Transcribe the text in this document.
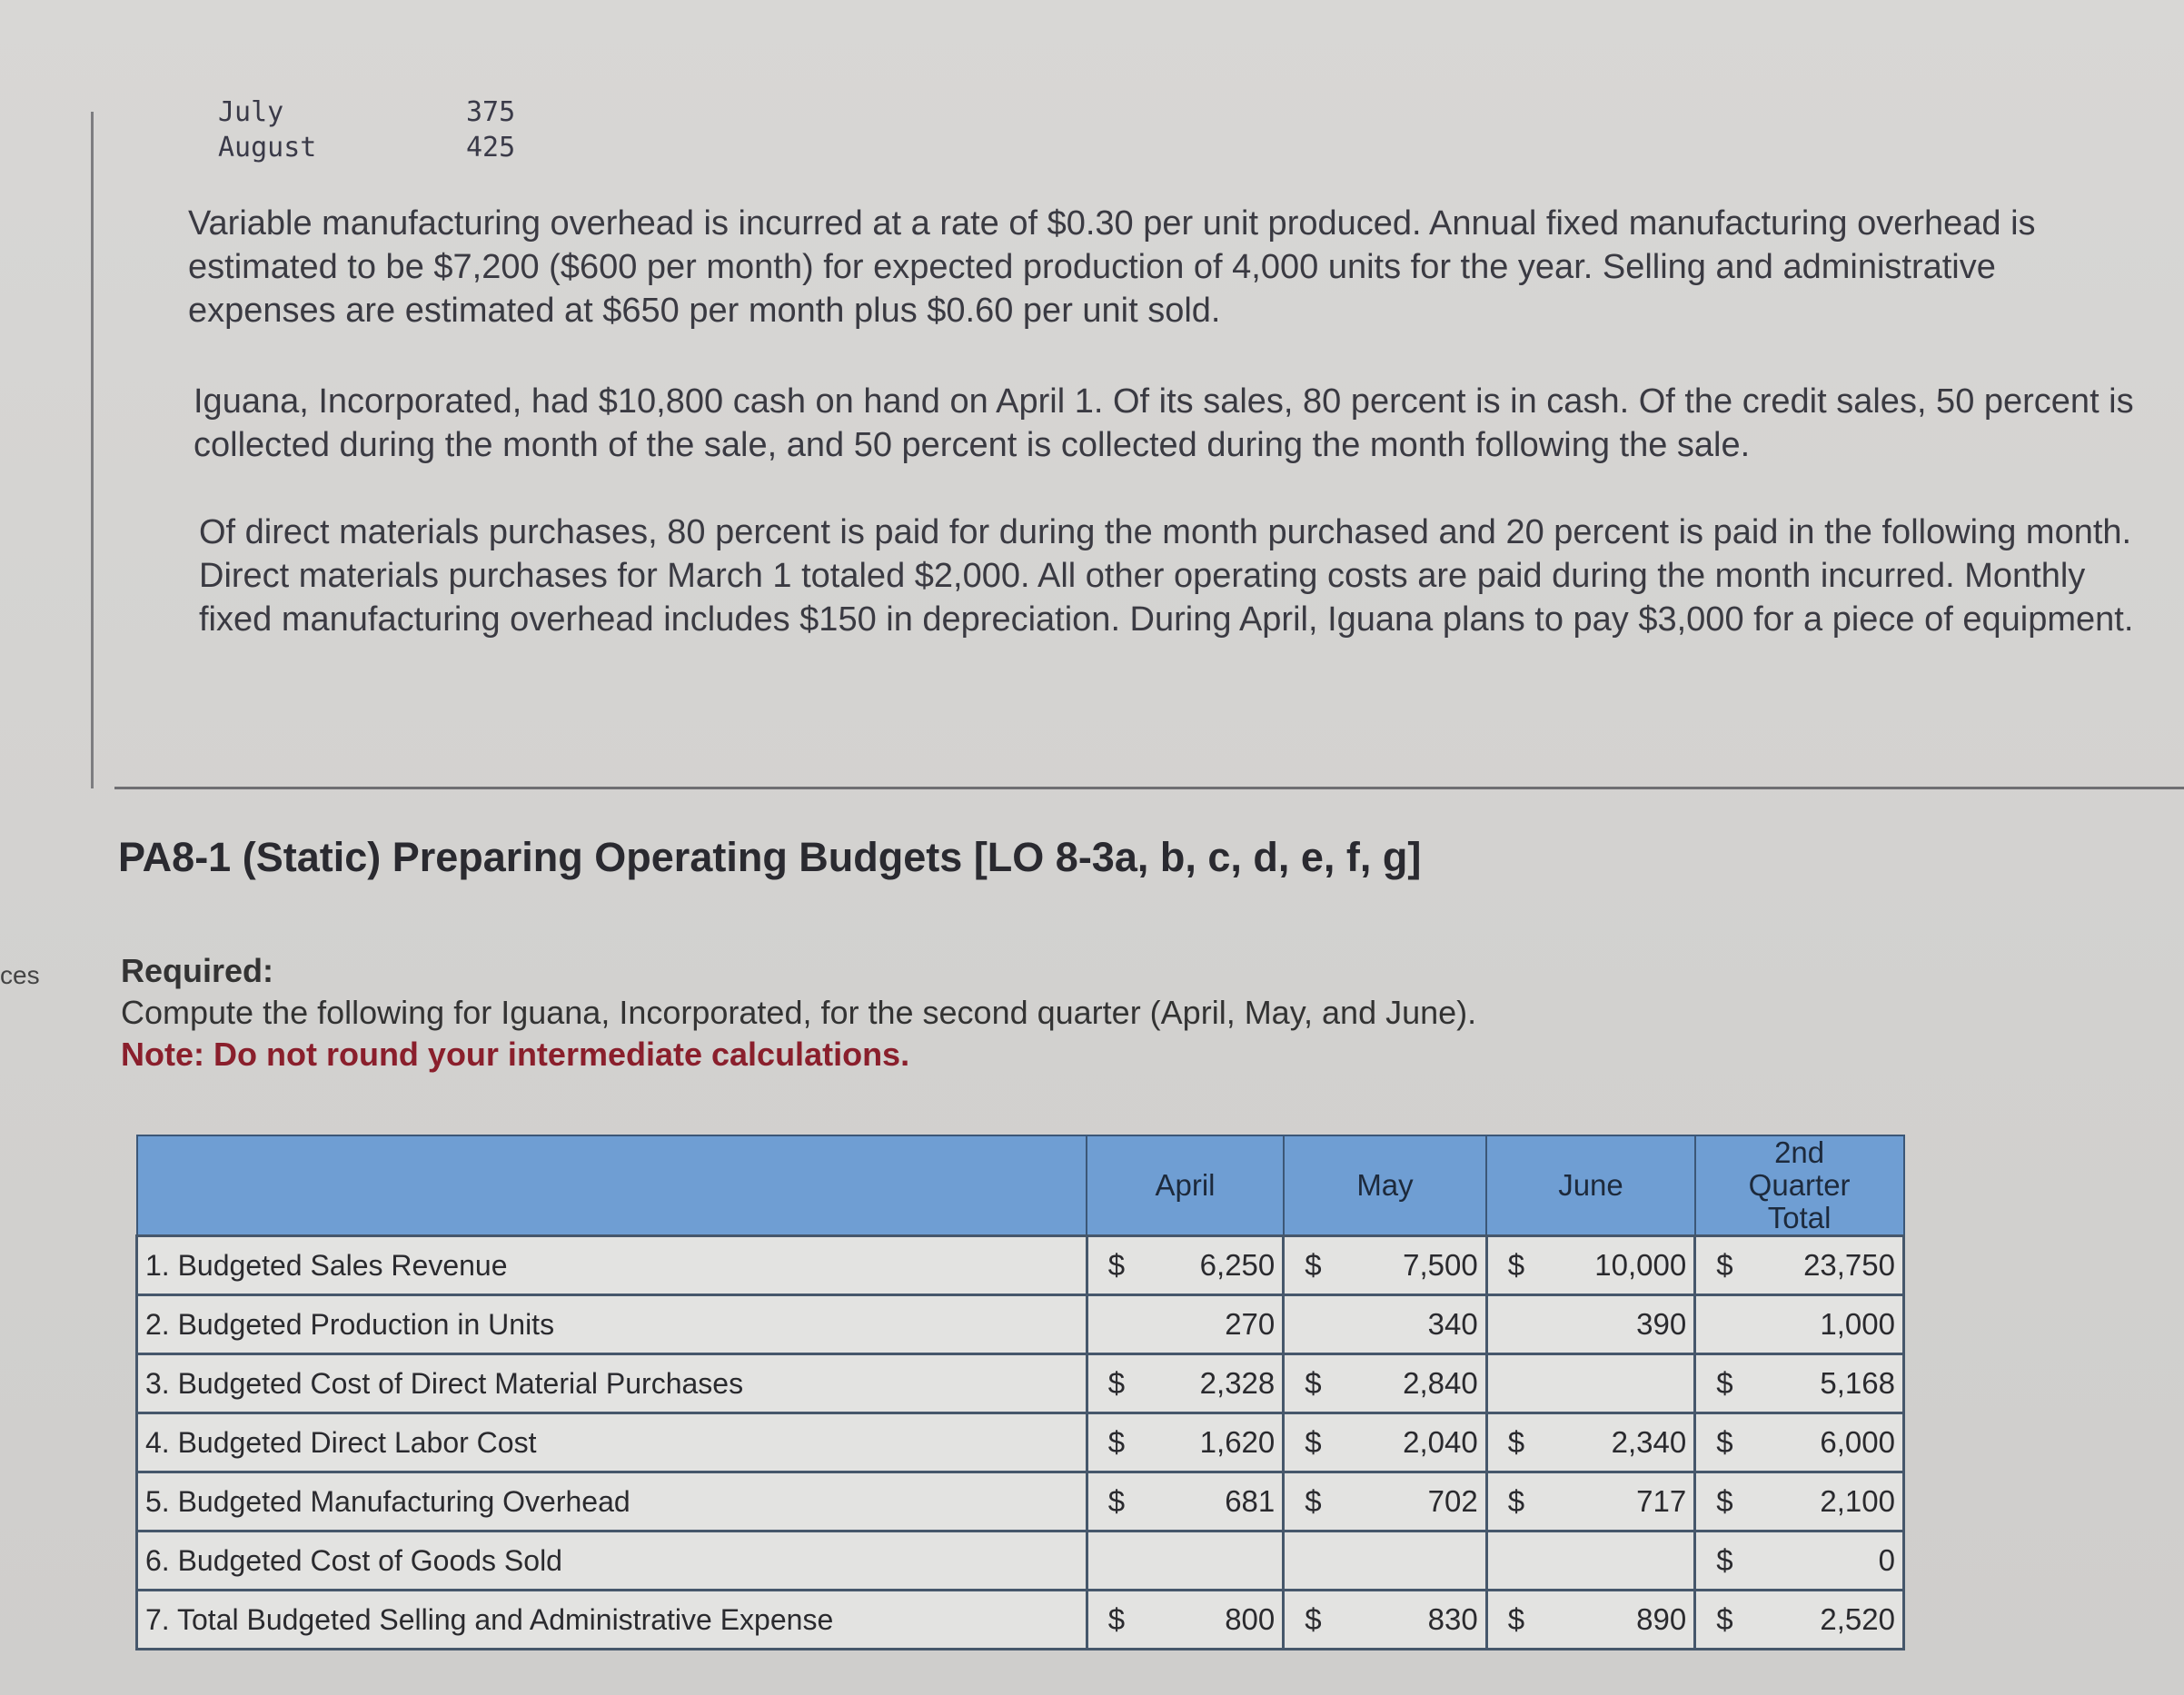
July	375
August	425

Variable manufacturing overhead is incurred at a rate of $0.30 per unit produced. Annual fixed manufacturing overhead is estimated to be $7,200 ($600 per month) for expected production of 4,000 units for the year. Selling and administrative expenses are estimated at $650 per month plus $0.60 per unit sold.

Iguana, Incorporated, had $10,800 cash on hand on April 1. Of its sales, 80 percent is in cash. Of the credit sales, 50 percent is collected during the month of the sale, and 50 percent is collected during the month following the sale.

Of direct materials purchases, 80 percent is paid for during the month purchased and 20 percent is paid in the following month. Direct materials purchases for March 1 totaled $2,000. All other operating costs are paid during the month incurred. Monthly fixed manufacturing overhead includes $150 in depreciation. During April, Iguana plans to pay $3,000 for a piece of equipment.

PA8-1 (Static) Preparing Operating Budgets [LO 8-3a, b, c, d, e, f, g]
ces Required:
Compute the following for Iguana, Incorporated, for the second quarter (April, May, and June).
Note: Do not round your intermediate calculations.
	April	May	June	2nd Quarter Total
1. Budgeted Sales Revenue	$ 6,250	$ 7,500	$ 10,000	$ 23,750
2. Budgeted Production in Units	270	340	390	1,000
3. Budgeted Cost of Direct Material Purchases	$ 2,328	$ 2,840		$ 5,168
4. Budgeted Direct Labor Cost	$ 1,620	$ 2,040	$ 2,340	$ 6,000
5. Budgeted Manufacturing Overhead	$ 681	$ 702	$ 717	$ 2,100
6. Budgeted Cost of Goods Sold				$ 0
7. Total Budgeted Selling and Administrative Expense	$ 800	$ 830	$ 890	$ 2,520
